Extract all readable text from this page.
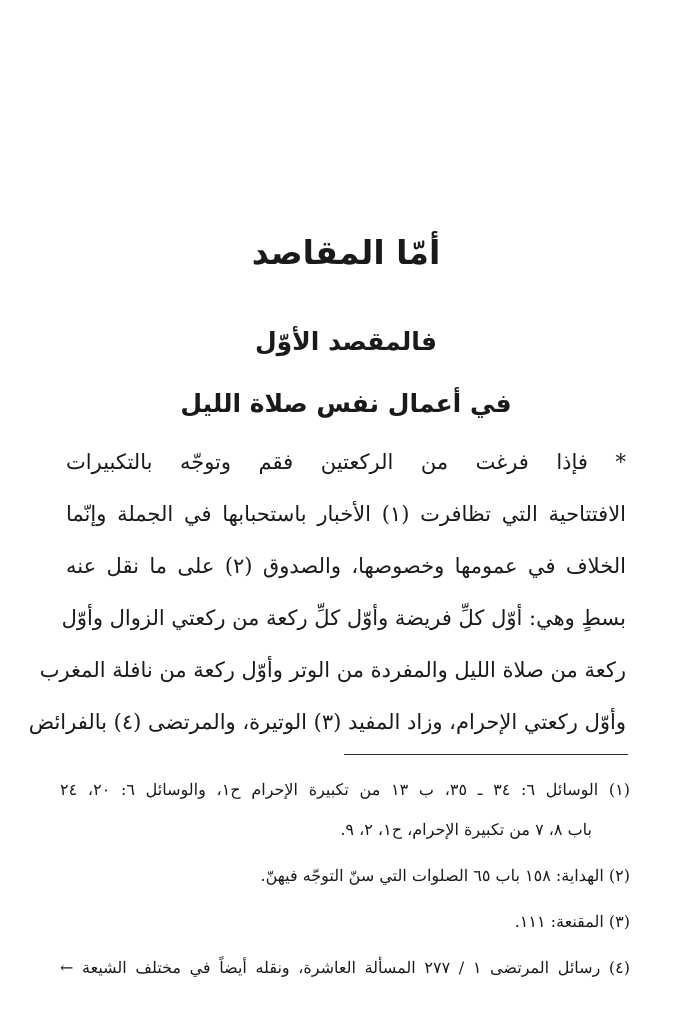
أمّا المقاصد
فالمقصد الأوّل
في أعمال نفس صلاة الليل
* فإذا فرغت من الركعتين فقم وتوجّه بالتكبيرات
الافتتاحية التي تظافرت (١) الأخبار باستحبابها في الجملة وإنّما
الخلاف في عمومها وخصوصها، والصدوق (٢) على ما نقل عنه
بسطٍ وهي: أوّل كلِّ فريضة وأوّل كلِّ ركعة من ركعتي الزوال وأوّل
ركعة من صلاة الليل والمفردة من الوتر وأوّل ركعة من نافلة المغرب
وأوّل ركعتي الإحرام، وزاد المفيد (٣) الوتيرة، والمرتضى (٤) بالفرائض
(١) الوسائل ٦: ٣٤ ـ ٣٥، ب ١٣ من تكبيرة الإحرام ح١، والوسائل ٦: ٢٠، ٢٤
باب ٨، ٧ من تكبيرة الإحرام، ح١، ٢، ٩.
(٢) الهداية: ١٥٨ باب ٦٥ الصلوات التي سنّ التوجّه فيهنّ.
(٣) المقنعة: ١١١.
(٤) رسائل المرتضى ١ / ٢٧٧ المسألة العاشرة، ونقله أيضاً في مختلف الشيعة ←
